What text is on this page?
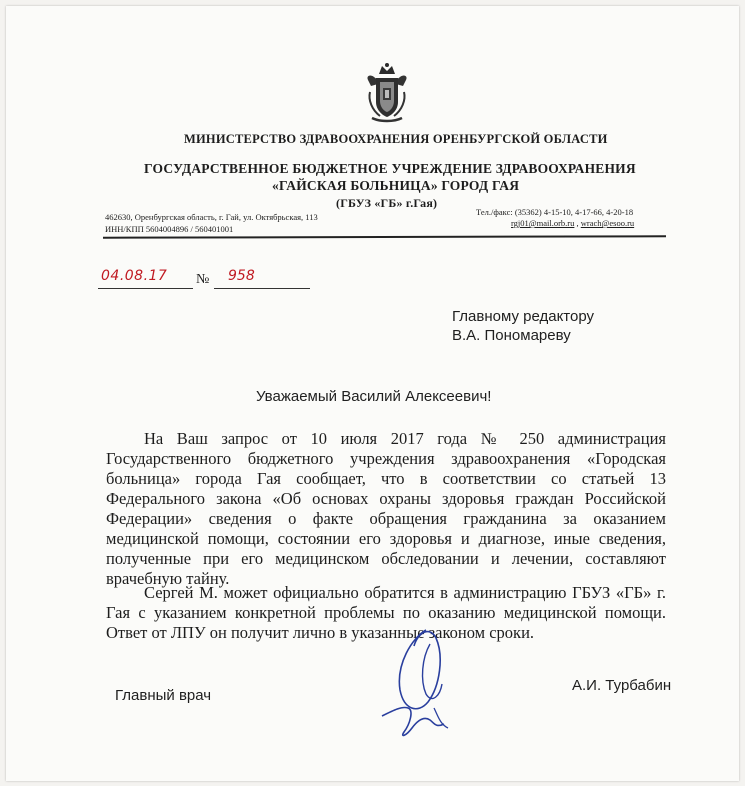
МИНИСТЕРСТВО ЗДРАВООХРАНЕНИЯ ОРЕНБУРГСКОЙ ОБЛАСТИ
ГОСУДАРСТВЕННОЕ БЮДЖЕТНОЕ УЧРЕЖДЕНИЕ ЗДРАВООХРАНЕНИЯ
«ГАЙСКАЯ БОЛЬНИЦА» ГОРОД ГАЯ
(ГБУЗ «ГБ» г.Гая)
462630, Оренбургская область, г. Гай, ул. Октябрьская, 113
ИНН/КПП 5604004896 / 560401001
Тел./факс: (35362) 4-15-10, 4-17-66, 4-20-18
rgj01@mail.orb.ru , wrach@esoo.ru
04.08.17 № 958
Главному редактору
В.А. Пономареву
Уважаемый Василий Алексеевич!

На Ваш запрос от 10 июля 2017 года № 250 администрация Государственного бюджетного учреждения здравоохранения «Городская больница» города Гая сообщает, что в соответствии со статьей 13 Федерального закона «Об основах охраны здоровья граждан Российской Федерации» сведения о факте обращения гражданина за оказанием медицинской помощи, состоянии его здоровья и диагнозе, иные сведения, полученные при его медицинском обследовании и лечении, составляют врачебную тайну.

Сергей М. может официально обратится в администрацию ГБУЗ «ГБ» г. Гая с указанием конкретной проблемы по оказанию медицинской помощи. Ответ от ЛПУ он получит лично в указанные законом сроки.

Главный врач
А.И. Турбабин
